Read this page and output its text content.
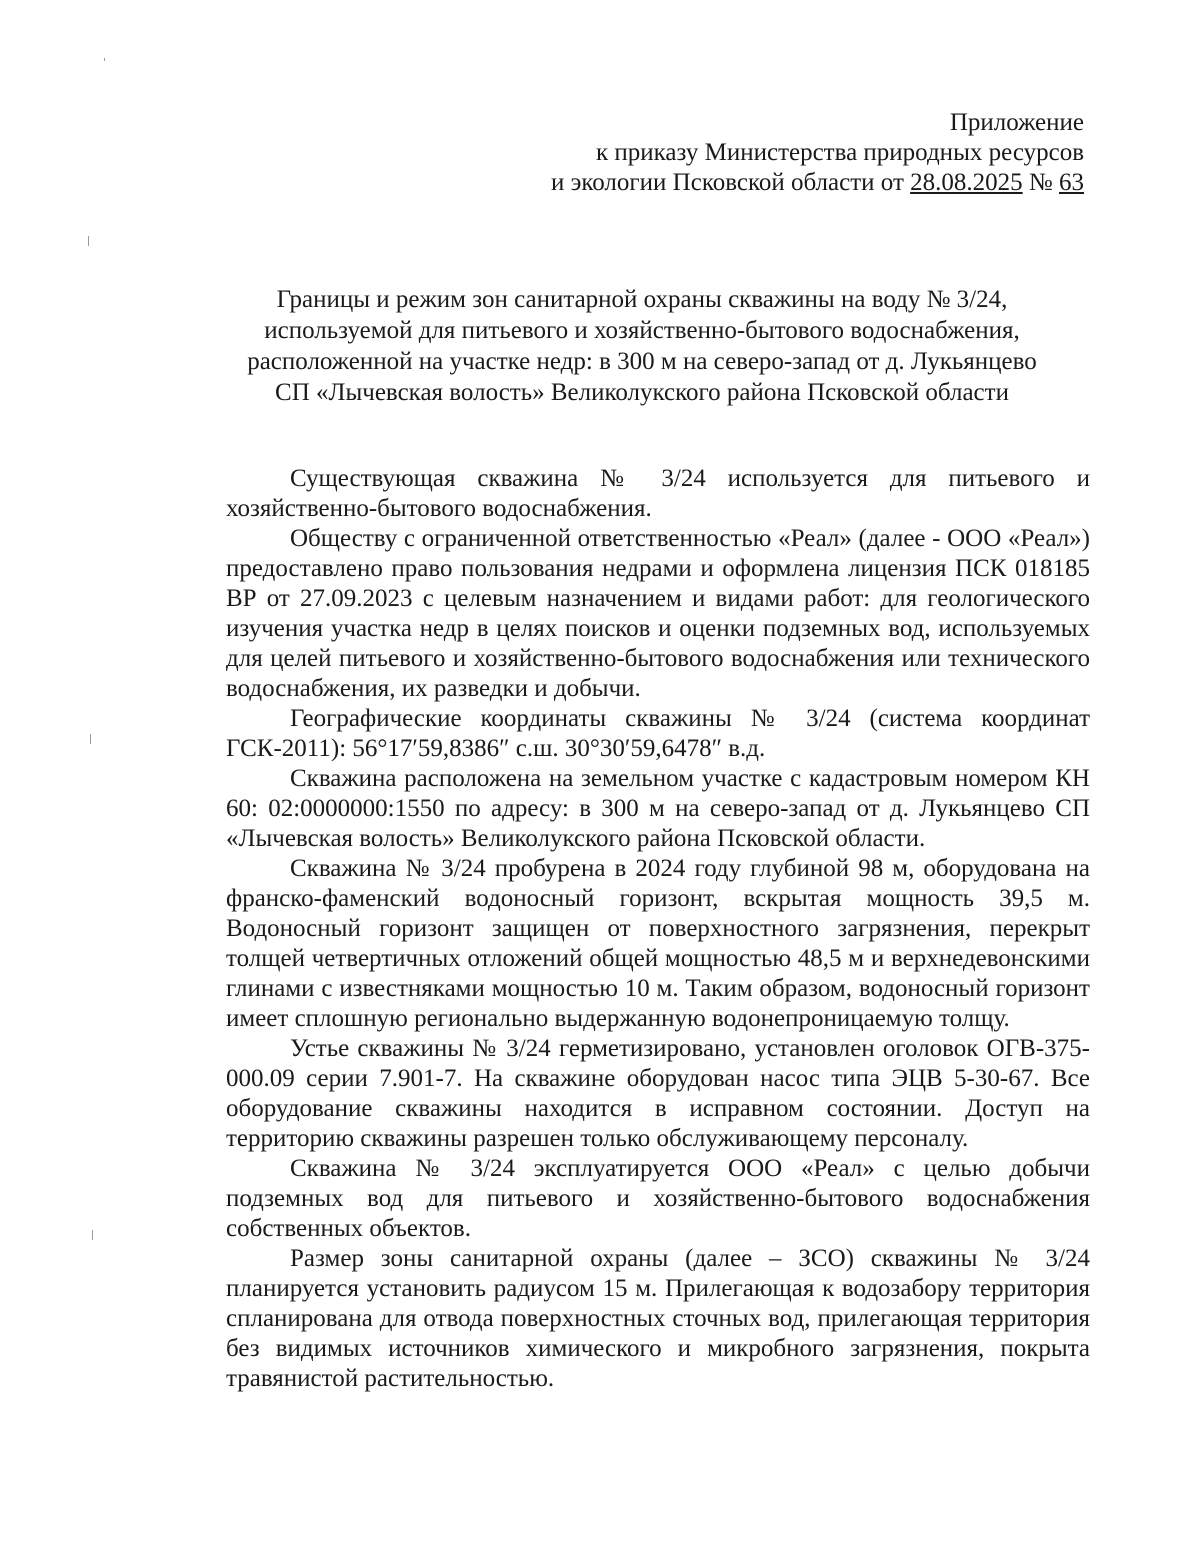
Приложение
к приказу Министерства природных ресурсов
и экологии Псковской области от 28.08.2025 № 63
Границы и режим зон санитарной охраны скважины на воду № 3/24,
используемой для питьевого и хозяйственно-бытового водоснабжения,
расположенной на участке недр: в 300 м на северо-запад от д. Лукьянцево
СП «Лычевская волость» Великолукского района Псковской области

Существующая скважина № 3/24 используется для питьевого и хозяйственно-бытового водоснабжения.

Обществу с ограниченной ответственностью «Реал» (далее - ООО «Реал») предоставлено право пользования недрами и оформлена лицензия ПСК 018185 ВР от 27.09.2023 с целевым назначением и видами работ: для геологического изучения участка недр в целях поисков и оценки подземных вод, используемых для целей питьевого и хозяйственно-бытового водоснабжения или технического водоснабжения, их разведки и добычи.

Географические координаты скважины № 3/24 (система координат ГСК-2011): 56°17′59,8386″ с.ш. 30°30′59,6478″ в.д.

Скважина расположена на земельном участке с кадастровым номером КН 60: 02:0000000:1550 по адресу: в 300 м на северо-запад от д. Лукьянцево СП «Лычевская волость» Великолукского района Псковской области.

Скважина № 3/24 пробурена в 2024 году глубиной 98 м, оборудована на франско-фаменский водоносный горизонт, вскрытая мощность 39,5 м. Водоносный горизонт защищен от поверхностного загрязнения, перекрыт толщей четвертичных отложений общей мощностью 48,5 м и верхнедевонскими глинами с известняками мощностью 10 м. Таким образом, водоносный горизонт имеет сплошную регионально выдержанную водонепроницаемую толщу.

Устье скважины № 3/24 герметизировано, установлен оголовок ОГВ-375-000.09 серии 7.901-7. На скважине оборудован насос типа ЭЦВ 5-30-67. Все оборудование скважины находится в исправном состоянии. Доступ на территорию скважины разрешен только обслуживающему персоналу.

Скважина № 3/24 эксплуатируется ООО «Реал» с целью добычи подземных вод для питьевого и хозяйственно-бытового водоснабжения собственных объектов.

Размер зоны санитарной охраны (далее – ЗСО) скважины № 3/24 планируется установить радиусом 15 м. Прилегающая к водозабору территория спланирована для отвода поверхностных сточных вод, прилегающая территория без видимых источников химического и микробного загрязнения, покрыта травянистой растительностью.
